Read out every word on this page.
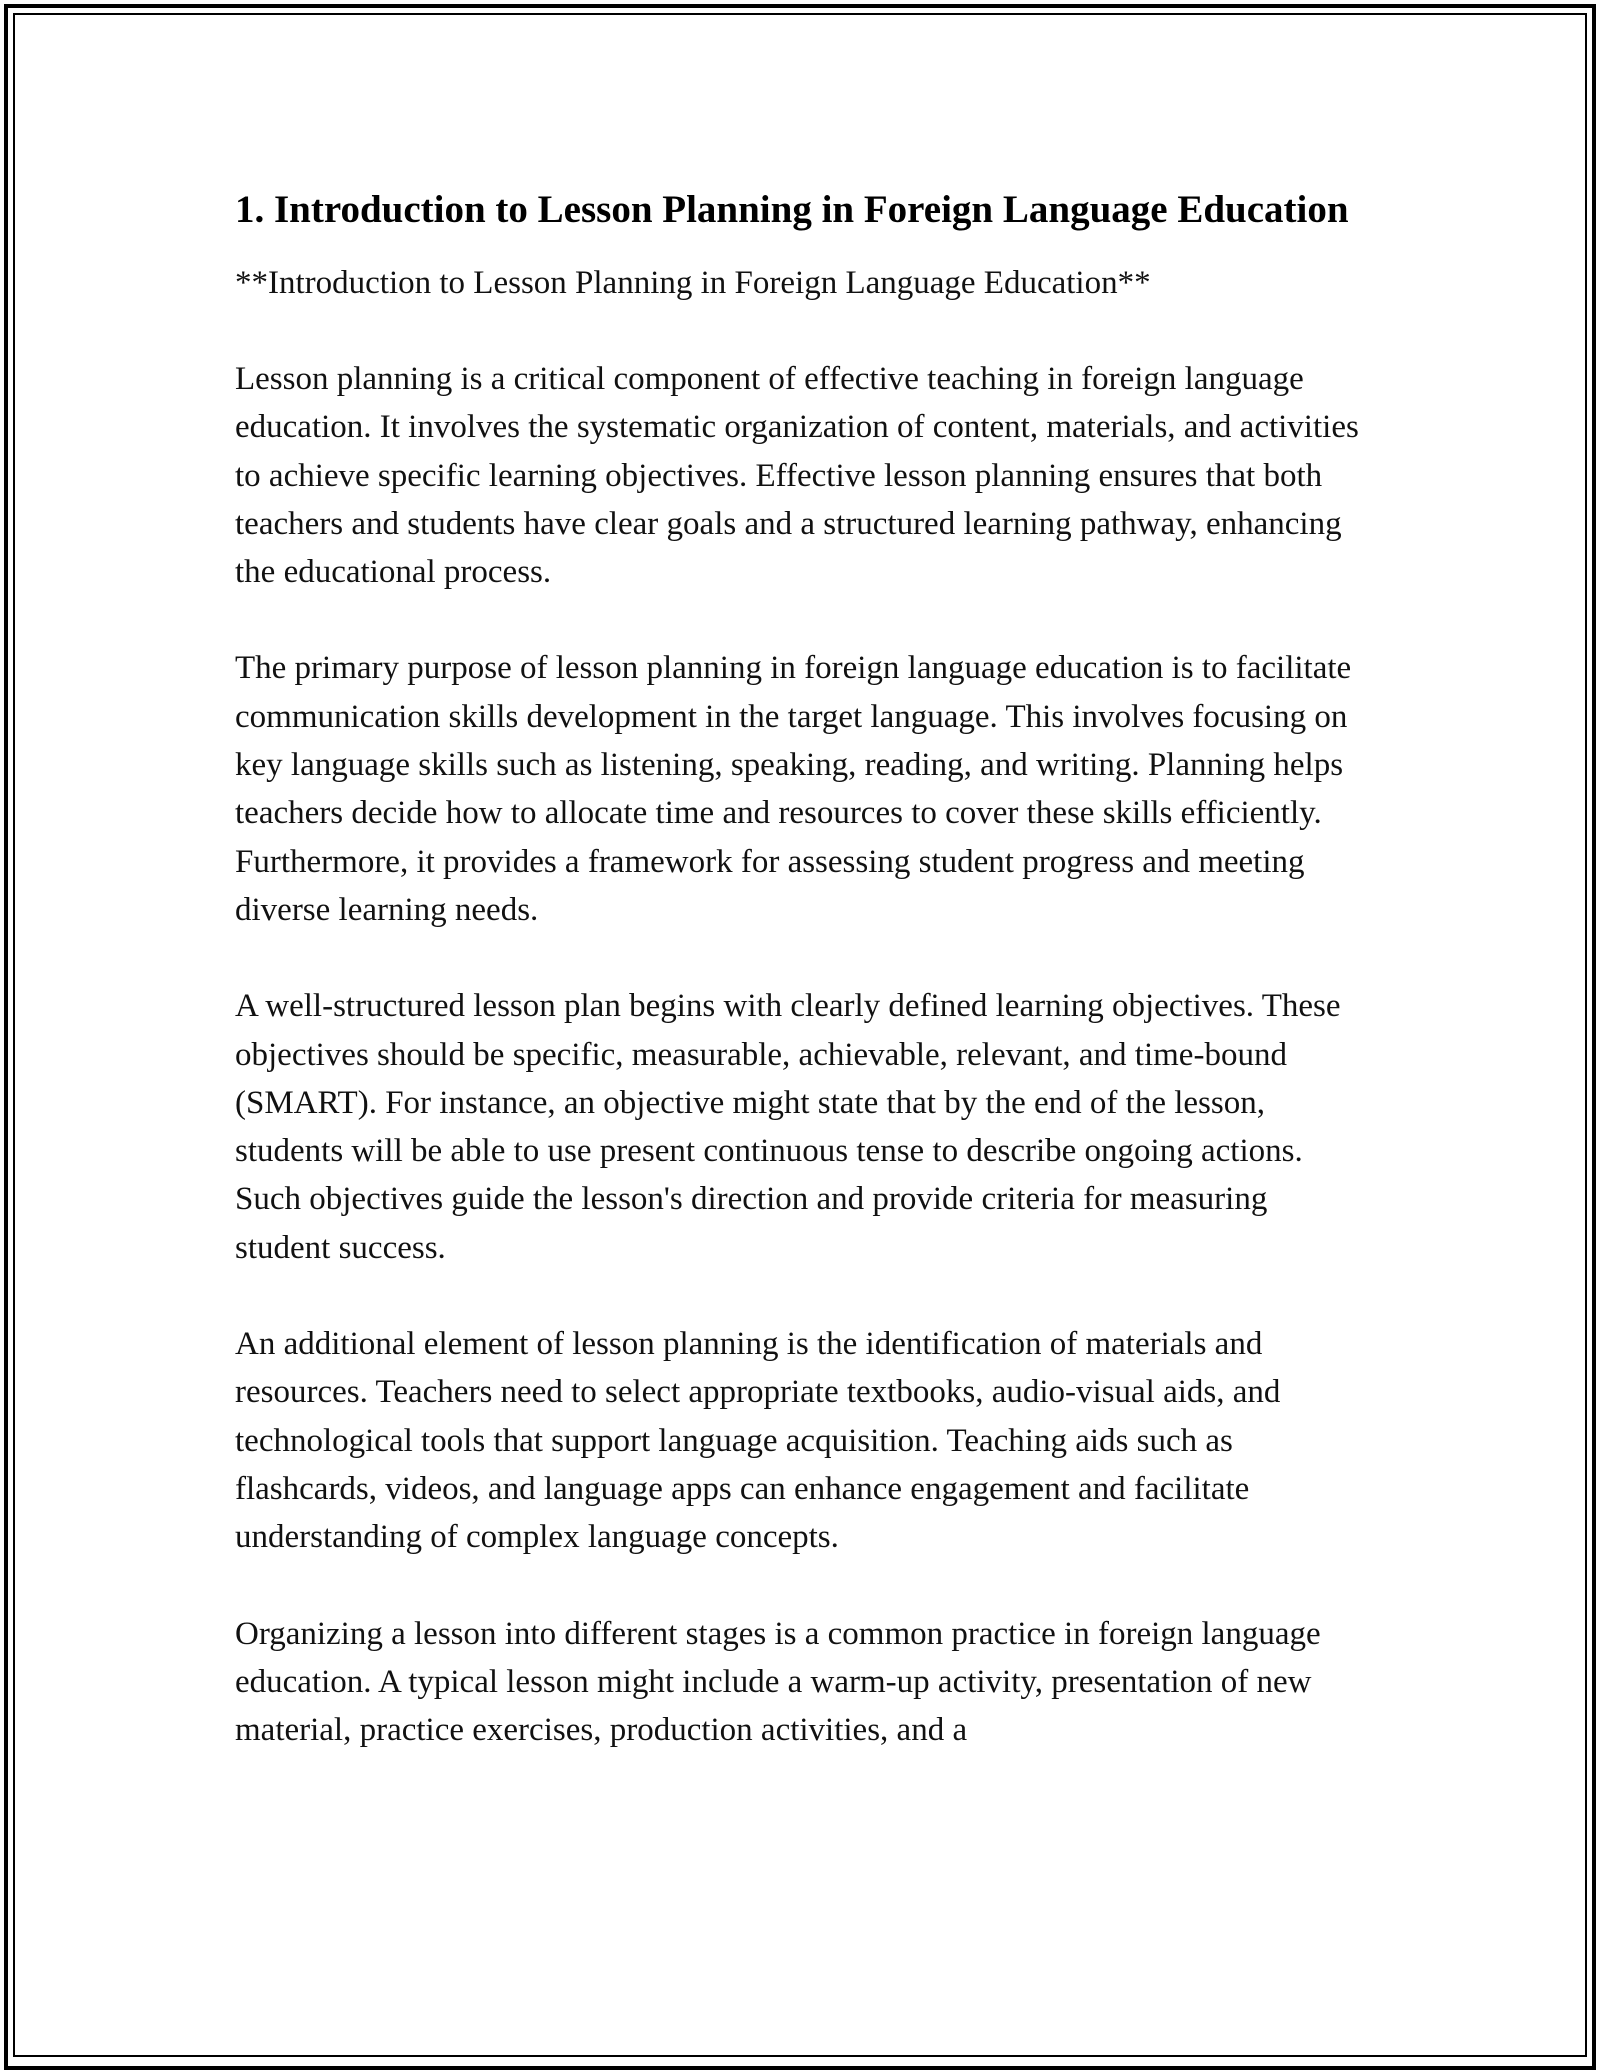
1. Introduction to Lesson Planning in Foreign Language Education
**Introduction to Lesson Planning in Foreign Language Education**

Lesson planning is a critical component of effective teaching in foreign language education. It involves the systematic organization of content, materials, and activities to achieve specific learning objectives. Effective lesson planning ensures that both teachers and students have clear goals and a structured learning pathway, enhancing the educational process.

The primary purpose of lesson planning in foreign language education is to facilitate communication skills development in the target language. This involves focusing on key language skills such as listening, speaking, reading, and writing. Planning helps teachers decide how to allocate time and resources to cover these skills efficiently. Furthermore, it provides a framework for assessing student progress and meeting diverse learning needs.

A well-structured lesson plan begins with clearly defined learning objectives. These objectives should be specific, measurable, achievable, relevant, and time-bound (SMART). For instance, an objective might state that by the end of the lesson, students will be able to use present continuous tense to describe ongoing actions. Such objectives guide the lesson's direction and provide criteria for measuring student success.

An additional element of lesson planning is the identification of materials and resources. Teachers need to select appropriate textbooks, audio-visual aids, and technological tools that support language acquisition. Teaching aids such as flashcards, videos, and language apps can enhance engagement and facilitate understanding of complex language concepts.

Organizing a lesson into different stages is a common practice in foreign language education. A typical lesson might include a warm-up activity, presentation of new material, practice exercises, production activities, and a
